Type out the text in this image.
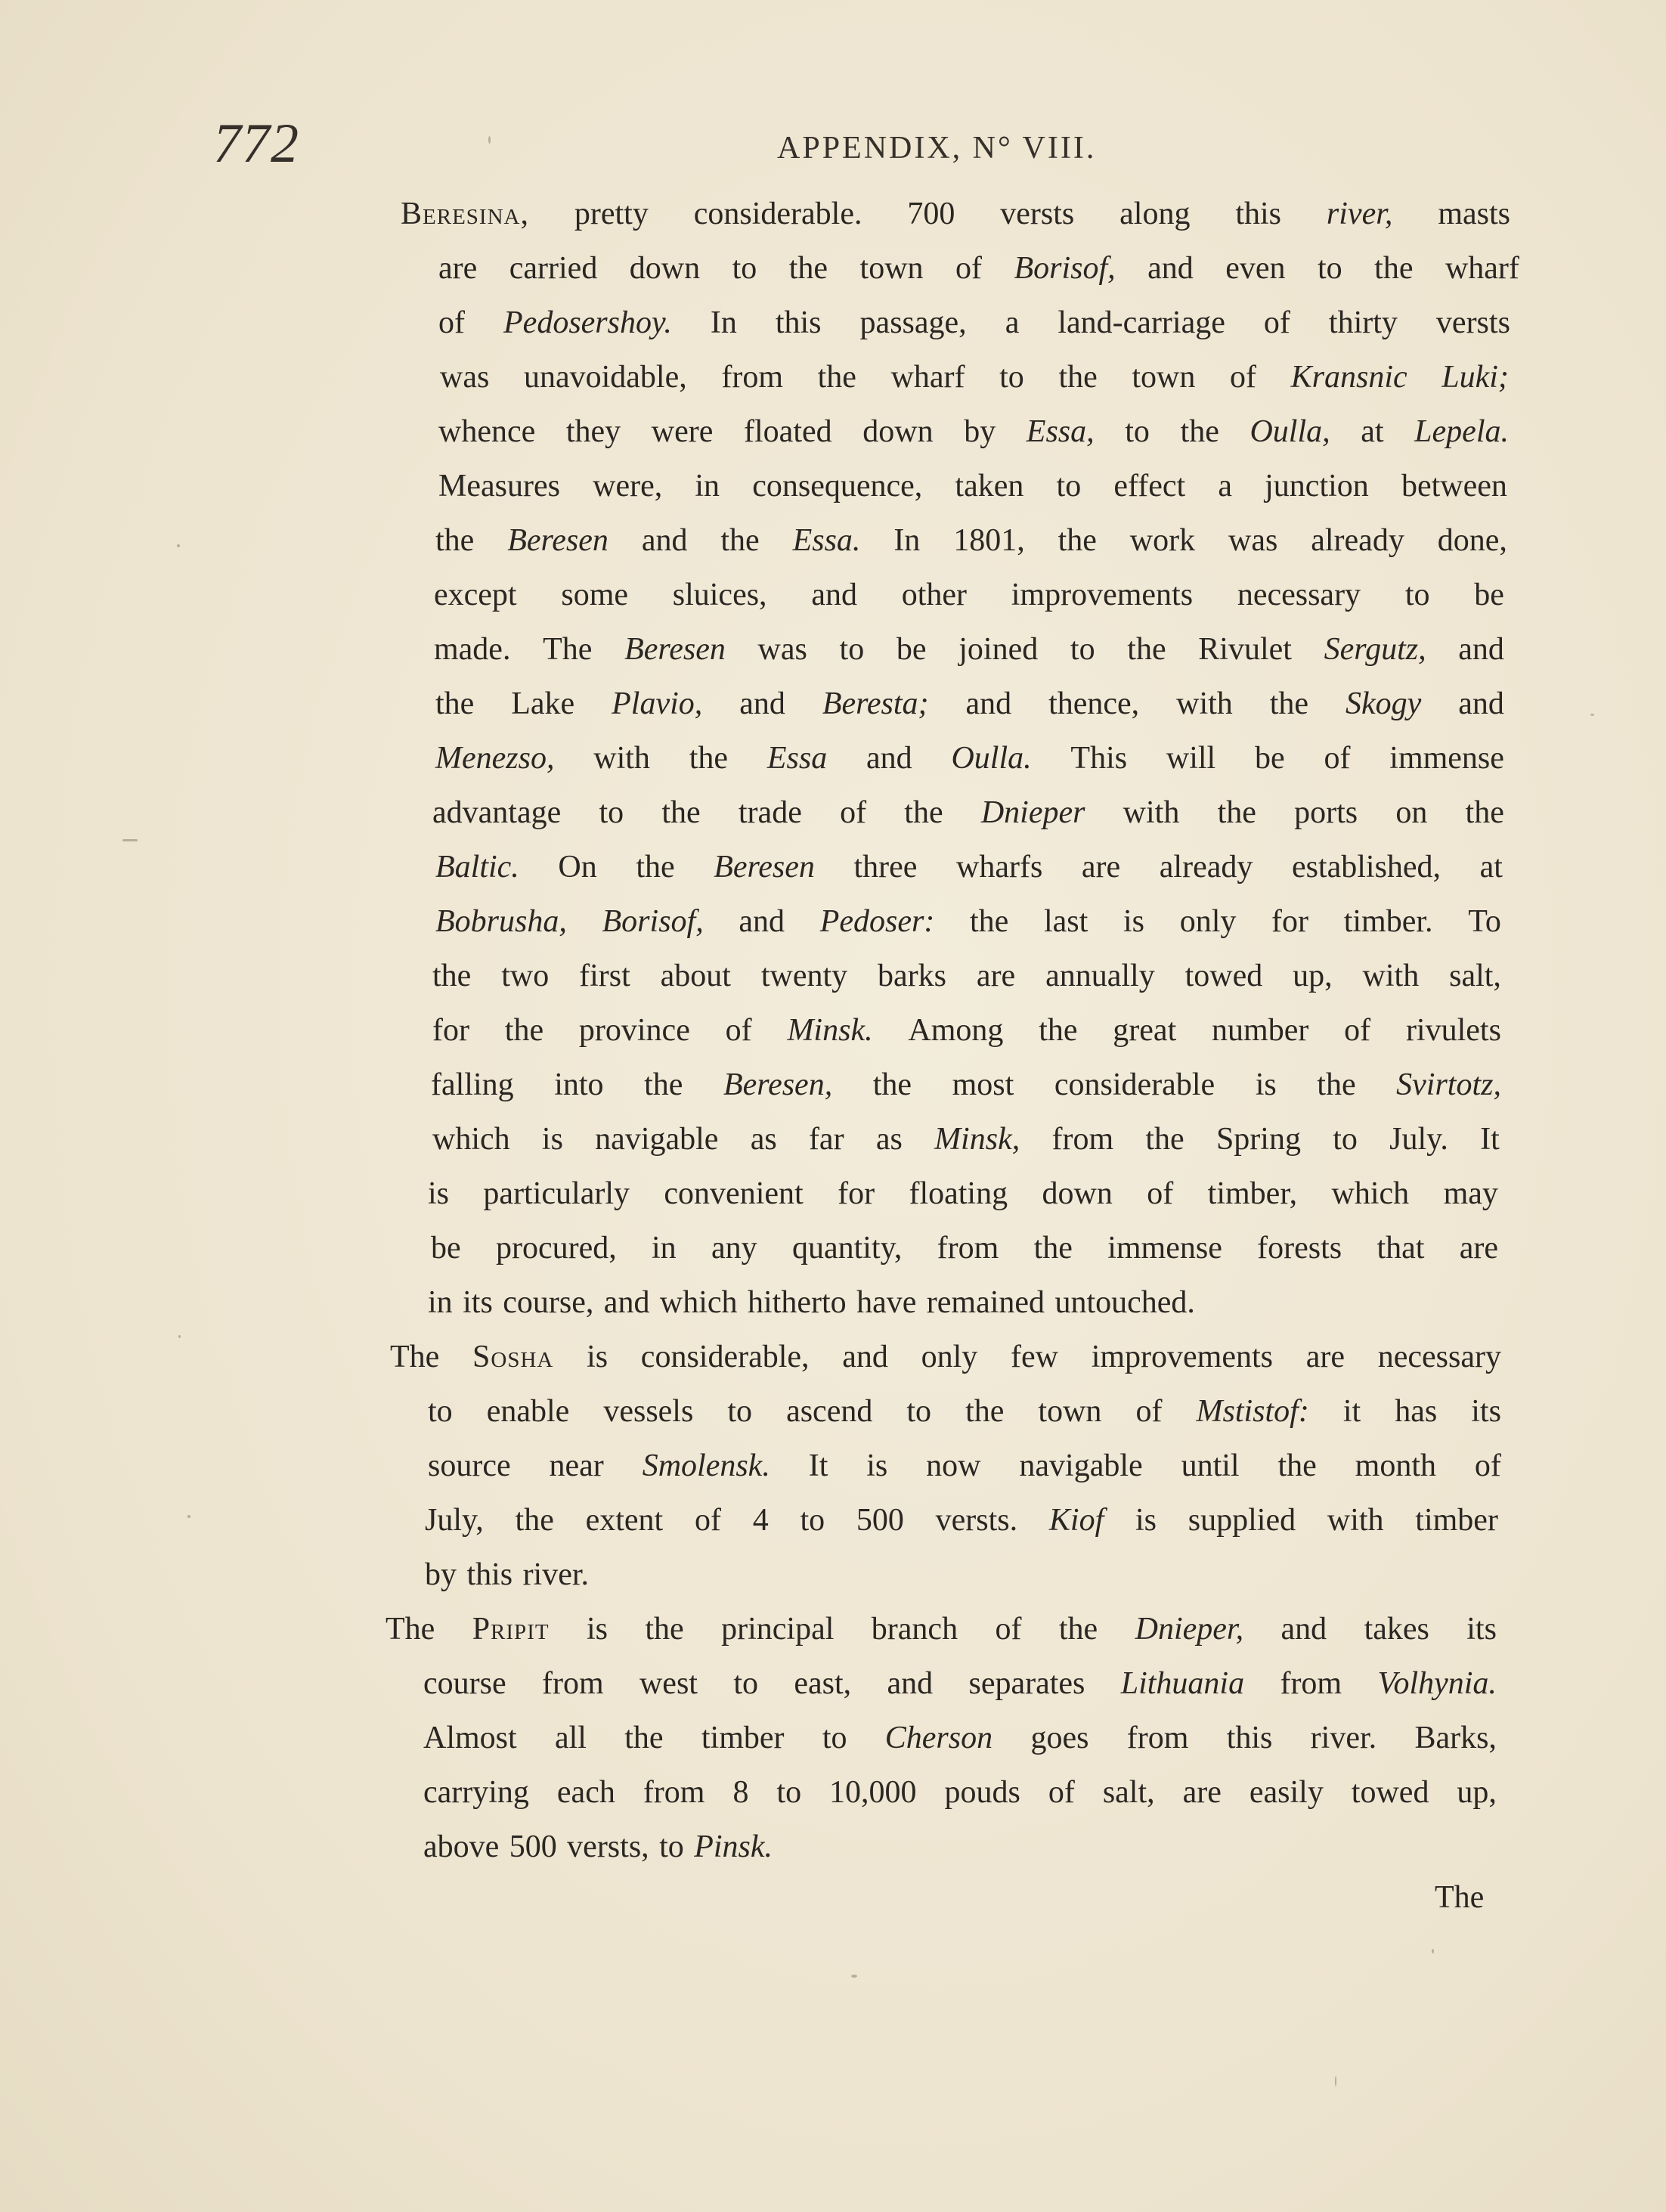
772	APPENDIX, N° VIII.
Beresina, pretty considerable. 700 versts along this river, masts
are carried down to the town of Borisof, and even to the wharf
of Pedosershoy. In this passage, a land-carriage of thirty versts
was unavoidable, from the wharf to the town of Kransnic Luki;
whence they were floated down by Essa, to the Oulla, at Lepela.
Measures were, in consequence, taken to effect a junction between
the Beresen and the Essa. In 1801, the work was already done,
except some sluices, and other improvements necessary to be
made. The Beresen was to be joined to the Rivulet Sergutz, and
the Lake Plavio, and Beresta; and thence, with the Skogy and
Menezso, with the Essa and Oulla. This will be of immense
advantage to the trade of the Dnieper with the ports on the
Baltic. On the Beresen three wharfs are already established, at
Bobrusha, Borisof, and Pedoser: the last is only for timber. To
the two first about twenty barks are annually towed up, with salt,
for the province of Minsk. Among the great number of rivulets
falling into the Beresen, the most considerable is the Svirtotz,
which is navigable as far as Minsk, from the Spring to July. It
is particularly convenient for floating down of timber, which may
be procured, in any quantity, from the immense forests that are
in its course, and which hitherto have remained untouched.
The Sosha is considerable, and only few improvements are necessary
to enable vessels to ascend to the town of Mstistof: it has its
source near Smolensk. It is now navigable until the month of
July, the extent of 4 to 500 versts. Kiof is supplied with timber
by this river.
The Pripit is the principal branch of the Dnieper, and takes its
course from west to east, and separates Lithuania from Volhynia.
Almost all the timber to Cherson goes from this river. Barks,
carrying each from 8 to 10,000 pouds of salt, are easily towed up,
above 500 versts, to Pinsk.
The
